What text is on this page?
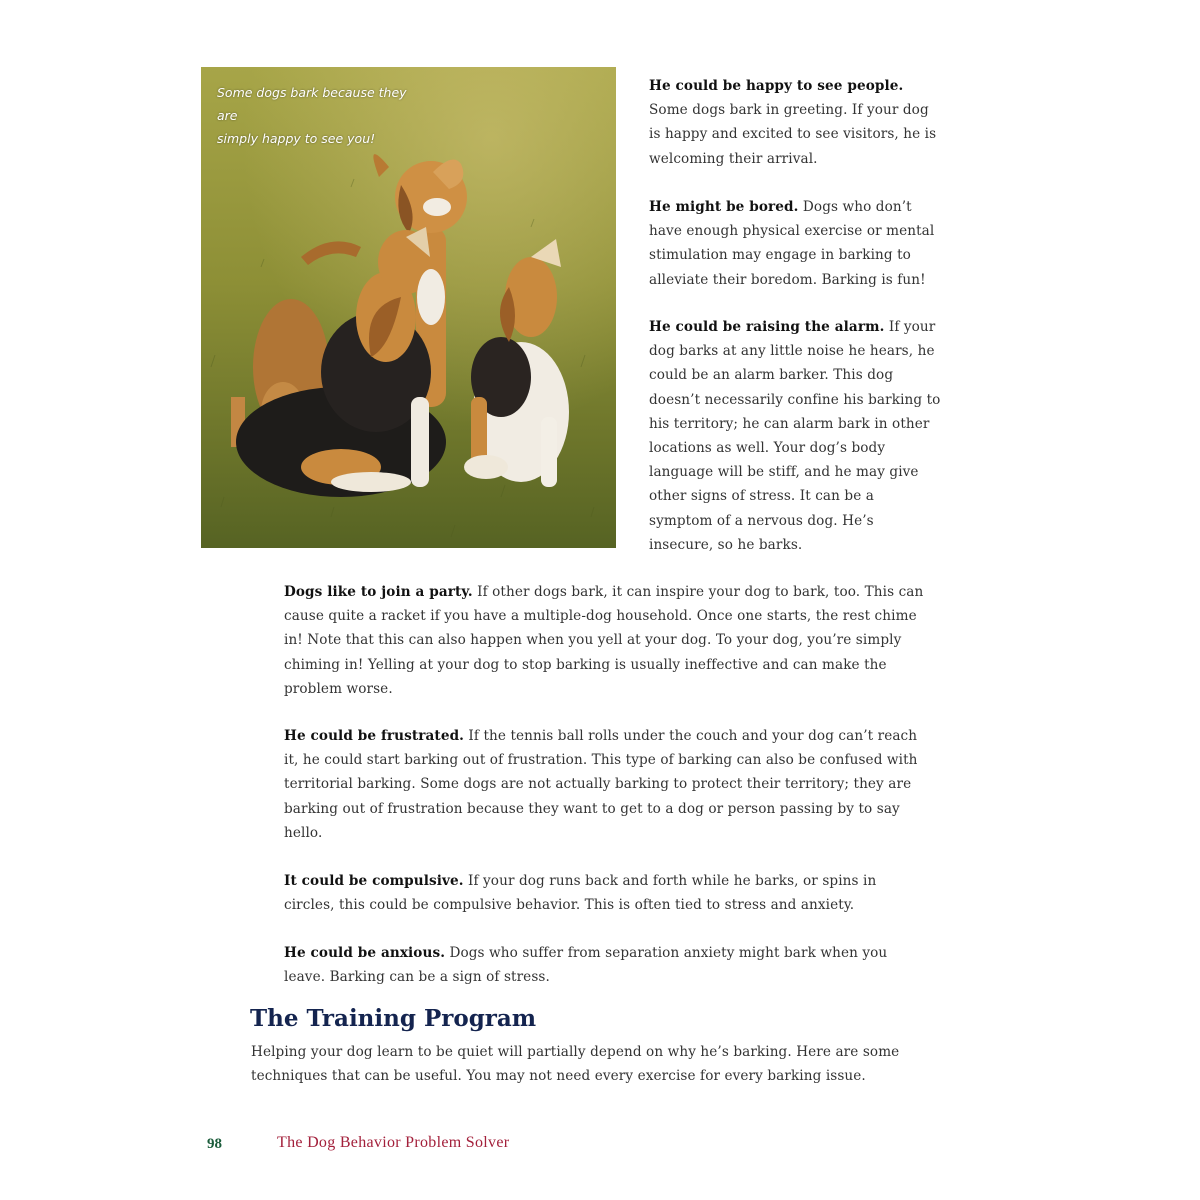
Some dogs bark because they are
simply happy to see you!

He could be happy to see people. Some dogs bark in greeting. If your dog is happy and excited to see visitors, he is welcoming their arrival.

He might be bored. Dogs who don’t have enough physical exercise or mental stimulation may engage in barking to alleviate their boredom. Barking is fun!

He could be raising the alarm. If your dog barks at any little noise he hears, he could be an alarm barker. This dog doesn’t necessarily confine his barking to his territory; he can alarm bark in other locations as well. Your dog’s body language will be stiff, and he may give other signs of stress. It can be a symptom of a nervous dog. He’s insecure, so he barks.

Dogs like to join a party. If other dogs bark, it can inspire your dog to bark, too. This can cause quite a racket if you have a multiple-dog household. Once one starts, the rest chime in! Note that this can also happen when you yell at your dog. To your dog, you’re simply chiming in! Yelling at your dog to stop barking is usually ineffective and can make the problem worse.

He could be frustrated. If the tennis ball rolls under the couch and your dog can’t reach it, he could start barking out of frustration. This type of barking can also be confused with territorial barking. Some dogs are not actually barking to protect their territory; they are barking out of frustration because they want to get to a dog or person passing by to say hello.

It could be compulsive. If your dog runs back and forth while he barks, or spins in circles, this could be compulsive behavior. This is often tied to stress and anxiety.

He could be anxious. Dogs who suffer from separation anxiety might bark when you leave. Barking can be a sign of stress.

The Training Program

Helping your dog learn to be quiet will partially depend on why he’s barking. Here are some techniques that can be useful. You may not need every exercise for every barking issue.

98	The Dog Behavior Problem Solver
